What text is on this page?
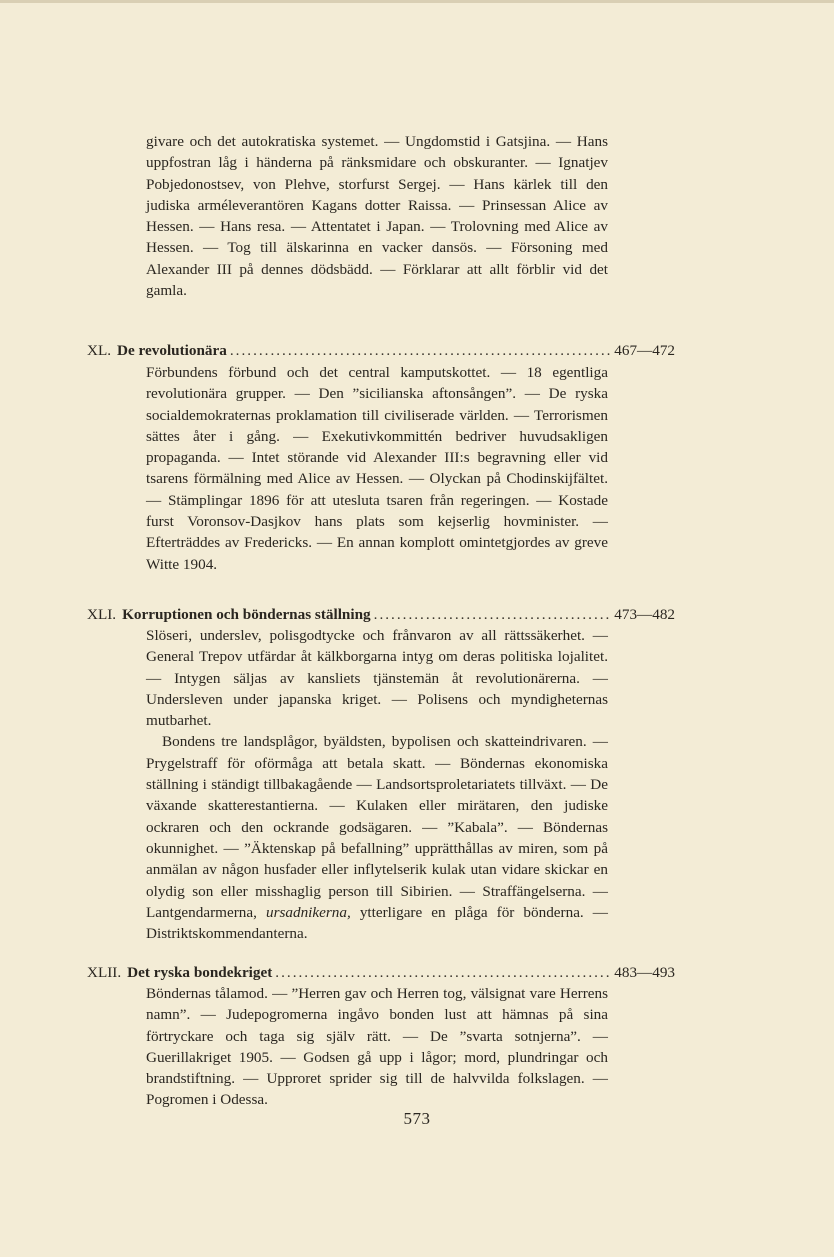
givare och det autokratiska systemet. — Ungdomstid i Gatsjina. — Hans uppfostran låg i händerna på ränksmidare och obskuranter. — Ignatjev Pobjedonostsev, von Plehve, storfurst Sergej. — Hans kärlek till den judiska arméleverantören Kagans dotter Raissa. — Prinsessan Alice av Hessen. — Hans resa. — Attentatet i Japan. — Trolovning med Alice av Hessen. — Tog till älskarinna en vacker dansös. — Försoning med Alexander III på dennes dödsbädd. — Förklarar att allt förblir vid det gamla.

XL. De revolutionära .....	467—472

Förbundens förbund och det central kamputskottet. — 18 egentliga revolutionära grupper. — Den ”sicilianska aftonsången”. — De ryska socialdemokraternas proklamation till civiliserade världen. — Terrorismen sättes åter i gång. — Exekutivkommittén bedriver huvudsakligen propaganda. — Intet störande vid Alexander III:s begravning eller vid tsarens förmälning med Alice av Hessen. — Olyckan på Chodinskijfältet. — Stämplingar 1896 för att utesluta tsaren från regeringen. — Kostade furst Voronsov-Dasjkov hans plats som kejserlig hovminister. — Efterträddes av Fredericks. — En annan komplott omintetgjordes av greve Witte 1904.

XLI. Korruptionen och böndernas ställning .....	473—482

Slöseri, underslev, polisgodtycke och frånvaron av all rättssäkerhet. — General Trepov utfärdar åt kälkborgarna intyg om deras politiska lojalitet. — Intygen säljas av kansliets tjänstemän åt revolutionärerna. — Undersleven under japanska kriget. — Polisens och myndigheternas mutbarhet.

Bondens tre landsplågor, byäldsten, bypolisen och skatteindrivaren. — Prygelstraff för oförmåga att betala skatt. — Böndernas ekonomiska ställning i ständigt tillbakagående — Landsortsproletariatets tillväxt. — De växande skatterestantierna. — Kulaken eller mirätaren, den judiske ockraren och den ockrande godsägaren. — ”Kabala”. — Böndernas okunnighet. — ”Äktenskap på befallning” upprätthållas av miren, som på anmälan av någon husfader eller inflytelserik kulak utan vidare skickar en olydig son eller misshaglig person till Sibirien. — Straffängelserna. — Lantgendarmerna, ursadnikerna, ytterligare en plåga för bönderna. — Distriktskommendanterna.

XLII. Det ryska bondekriget .....	483—493

Böndernas tålamod. — ”Herren gav och Herren tog, välsignat vare Herrens namn”. — Judepogromerna ingåvo bonden lust att hämnas på sina förtryckare och taga sig själv rätt. — De ”svarta sotnjerna”. — Guerillakriget 1905. — Godsen gå upp i lågor; mord, plundringar och brandstiftning. — Upproret sprider sig till de halvvilda folkslagen. — Pogromen i Odessa.

573
